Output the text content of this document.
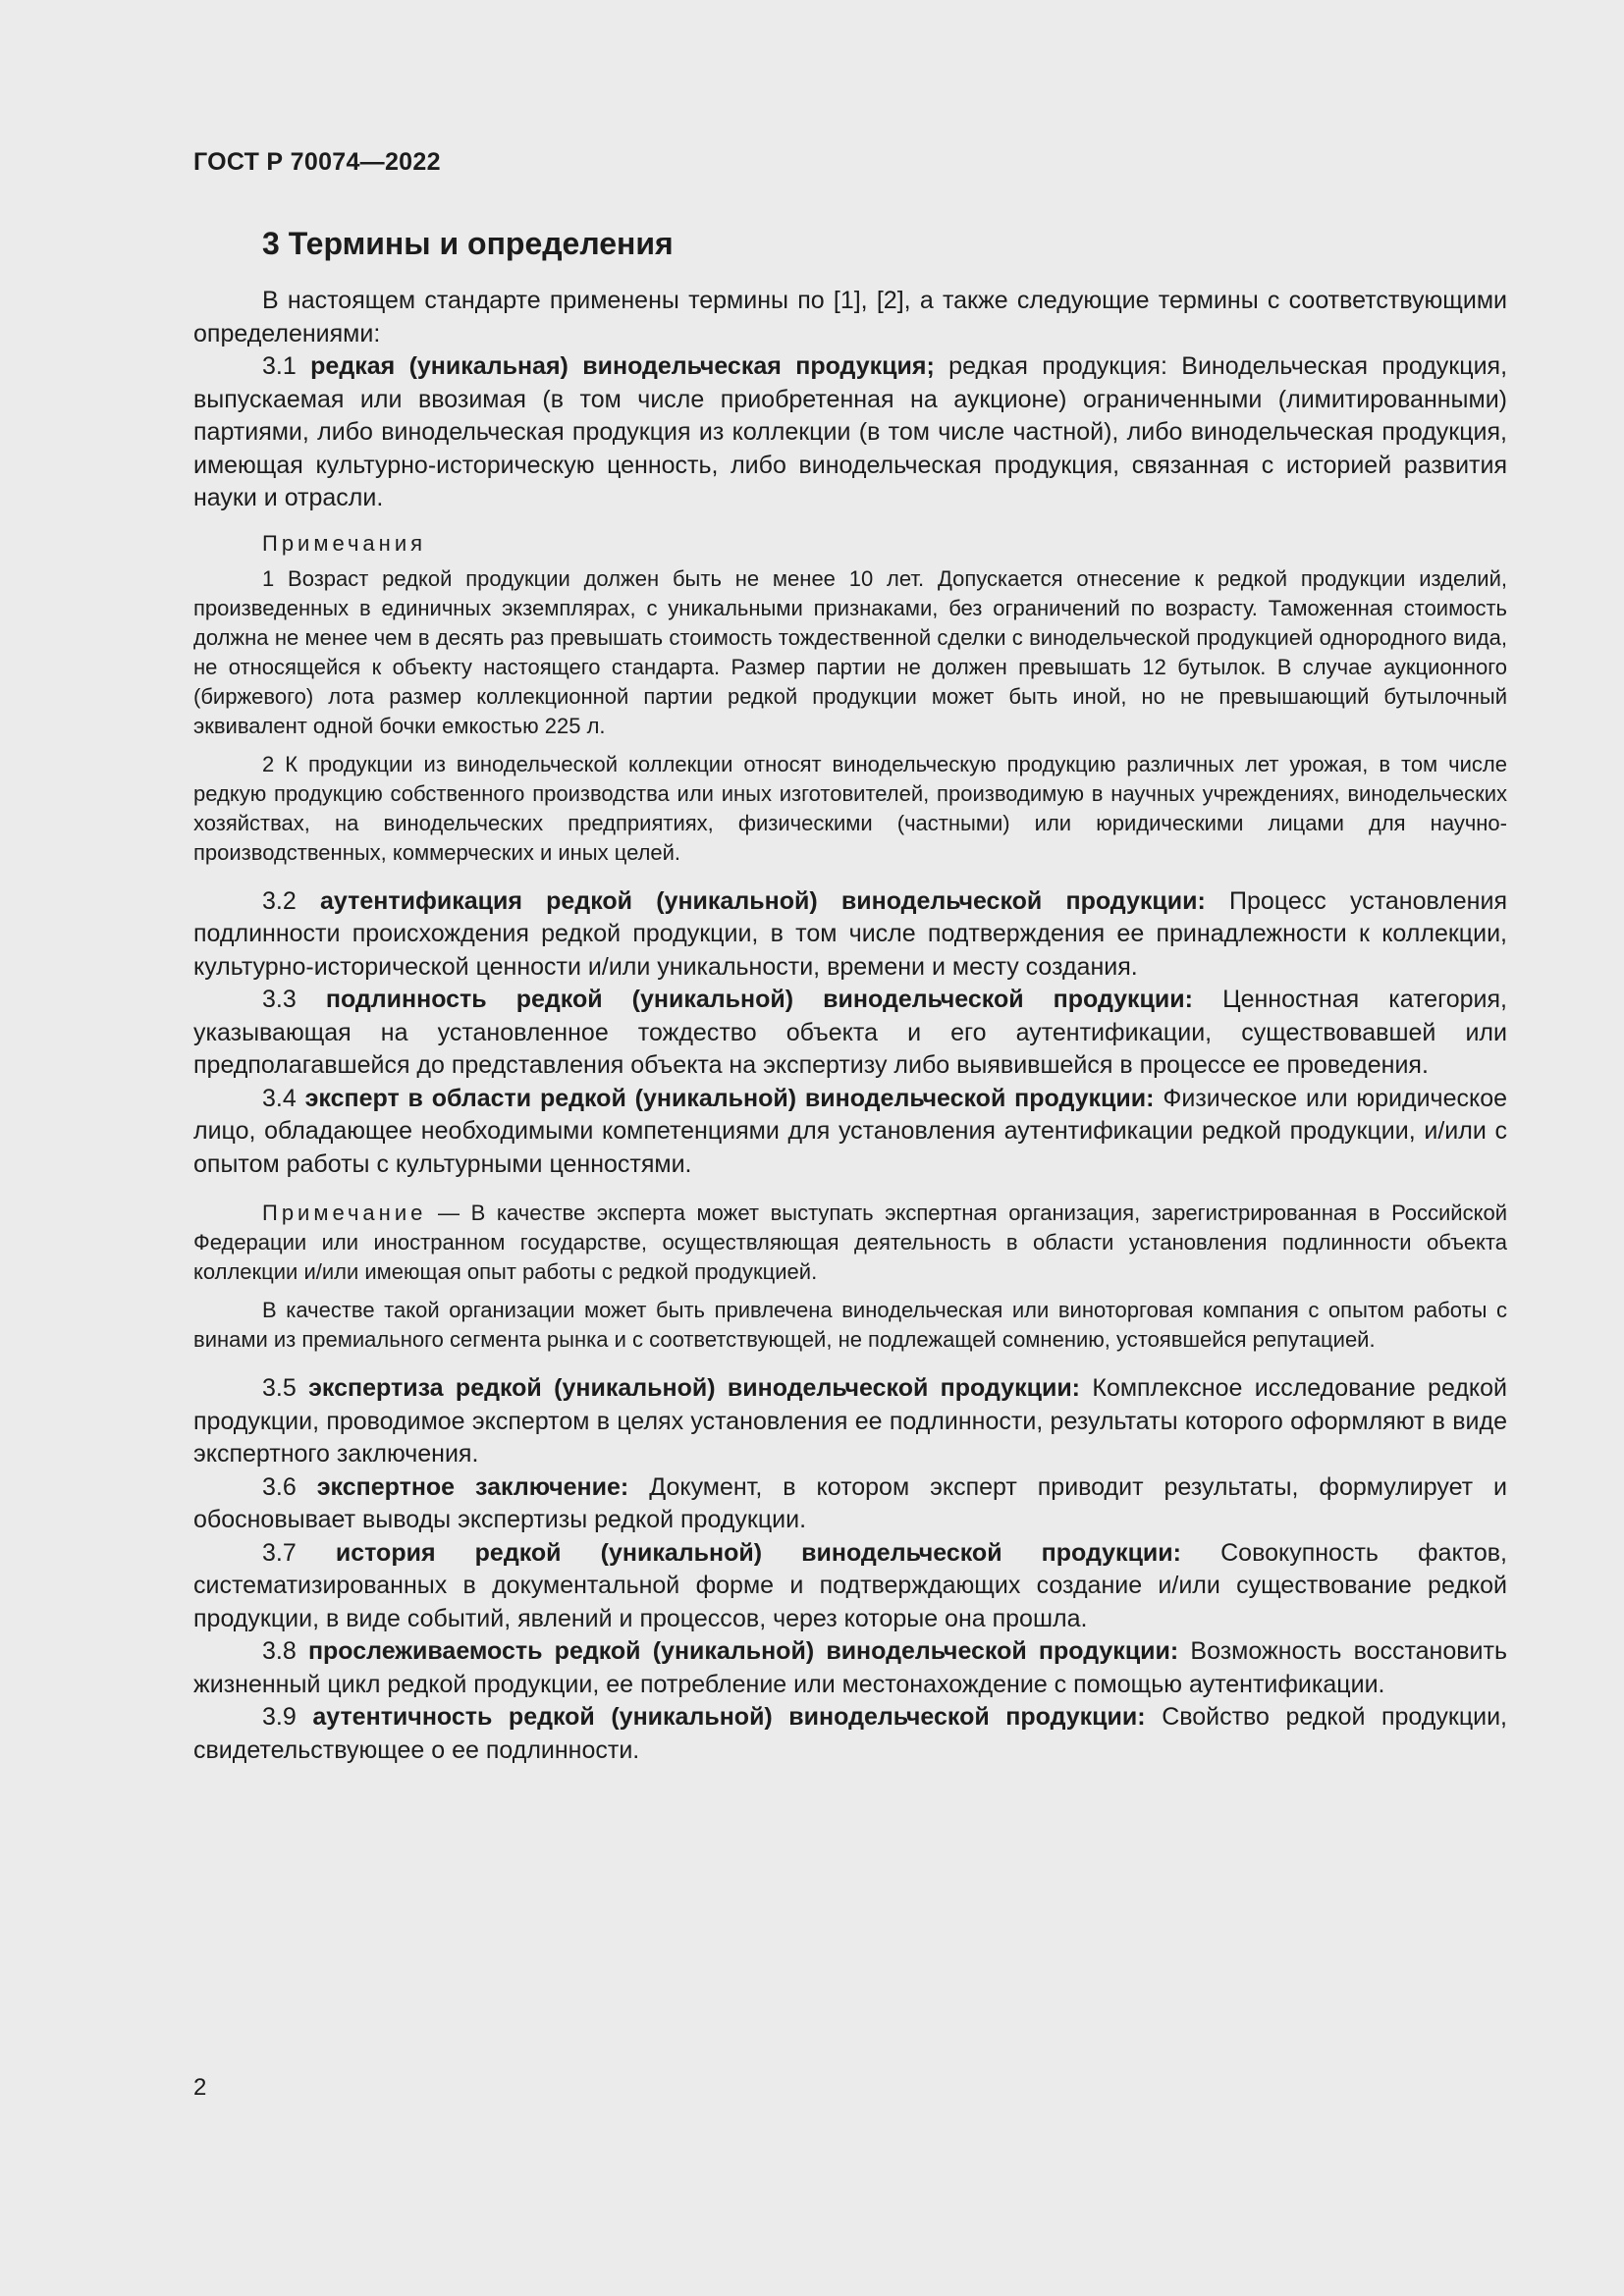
ГОСТ Р 70074—2022
3 Термины и определения

В настоящем стандарте применены термины по [1], [2], а также следующие термины с соответствующими определениями:

3.1 редкая (уникальная) винодельческая продукция; редкая продукция: Винодельческая продукция, выпускаемая или ввозимая (в том числе приобретенная на аукционе) ограниченными (лимитированными) партиями, либо винодельческая продукция из коллекции (в том числе частной), либо винодельческая продукция, имеющая культурно-историческую ценность, либо винодельческая продукция, связанная с историей развития науки и отрасли.

Примечания

1 Возраст редкой продукции должен быть не менее 10 лет. Допускается отнесение к редкой продукции изделий, произведенных в единичных экземплярах, с уникальными признаками, без ограничений по возрасту. Таможенная стоимость должна не менее чем в десять раз превышать стоимость тождественной сделки с винодельческой продукцией однородного вида, не относящейся к объекту настоящего стандарта. Размер партии не должен превышать 12 бутылок. В случае аукционного (биржевого) лота размер коллекционной партии редкой продукции может быть иной, но не превышающий бутылочный эквивалент одной бочки емкостью 225 л.

2 К продукции из винодельческой коллекции относят винодельческую продукцию различных лет урожая, в том числе редкую продукцию собственного производства или иных изготовителей, производимую в научных учреждениях, винодельческих хозяйствах, на винодельческих предприятиях, физическими (частными) или юридическими лицами для научно-производственных, коммерческих и иных целей.

3.2 аутентификация редкой (уникальной) винодельческой продукции: Процесс установления подлинности происхождения редкой продукции, в том числе подтверждения ее принадлежности к коллекции, культурно-исторической ценности и/или уникальности, времени и месту создания.

3.3 подлинность редкой (уникальной) винодельческой продукции: Ценностная категория, указывающая на установленное тождество объекта и его аутентификации, существовавшей или предполагавшейся до представления объекта на экспертизу либо выявившейся в процессе ее проведения.

3.4 эксперт в области редкой (уникальной) винодельческой продукции: Физическое или юридическое лицо, обладающее необходимыми компетенциями для установления аутентификации редкой продукции, и/или с опытом работы с культурными ценностями.

Примечание — В качестве эксперта может выступать экспертная организация, зарегистрированная в Российской Федерации или иностранном государстве, осуществляющая деятельность в области установления подлинности объекта коллекции и/или имеющая опыт работы с редкой продукцией.

В качестве такой организации может быть привлечена винодельческая или виноторговая компания с опытом работы с винами из премиального сегмента рынка и с соответствующей, не подлежащей сомнению, устоявшейся репутацией.

3.5 экспертиза редкой (уникальной) винодельческой продукции: Комплексное исследование редкой продукции, проводимое экспертом в целях установления ее подлинности, результаты которого оформляют в виде экспертного заключения.

3.6 экспертное заключение: Документ, в котором эксперт приводит результаты, формулирует и обосновывает выводы экспертизы редкой продукции.

3.7 история редкой (уникальной) винодельческой продукции: Совокупность фактов, систематизированных в документальной форме и подтверждающих создание и/или существование редкой продукции, в виде событий, явлений и процессов, через которые она прошла.

3.8 прослеживаемость редкой (уникальной) винодельческой продукции: Возможность восстановить жизненный цикл редкой продукции, ее потребление или местонахождение с помощью аутентификации.

3.9 аутентичность редкой (уникальной) винодельческой продукции: Свойство редкой продукции, свидетельствующее о ее подлинности.

2
